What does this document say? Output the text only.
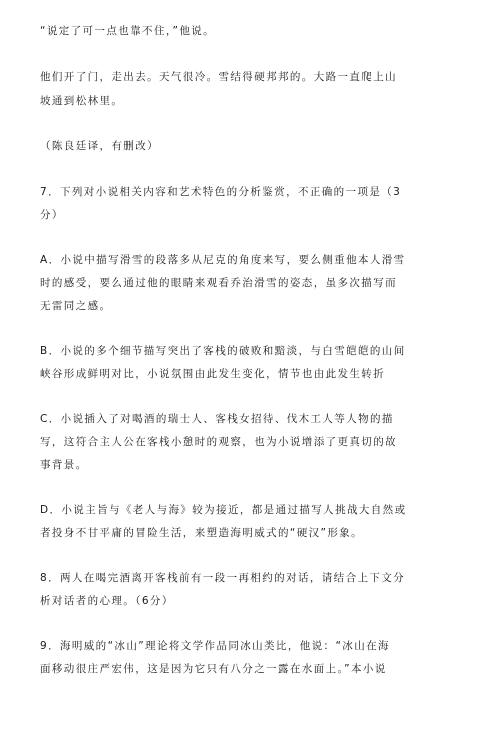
“说定了可一点也靠不住，”他说。
他们开了门，走出去。天气很冷。雪结得硬邦邦的。大路一直爬上山
坡通到松林里。
（陈良廷译，有删改）
7．下列对小说相关内容和艺术特色的分析鉴赏，不正确的一项是（3
分）
A．小说中描写滑雪的段落多从尼克的角度来写，要么侧重他本人滑雪
时的感受，要么通过他的眼睛来观看乔治滑雪的姿态，虽多次描写而
无雷同之感。
B．小说的多个细节描写突出了客栈的破败和黯淡，与白雪皑皑的山间
峡谷形成鲜明对比，小说氛围由此发生变化，情节也由此发生转折
C．小说插入了对喝酒的瑞士人、客栈女招待、伐木工人等人物的描
写，这符合主人公在客栈小憩时的观察，也为小说增添了更真切的故
事背景。
D．小说主旨与《老人与海》较为接近，都是通过描写人挑战大自然或
者投身不甘平庸的冒险生活，来塑造海明威式的“硬汉”形象。
8．两人在喝完酒离开客栈前有一段一再相约的对话，请结合上下文分
析对话者的心理。（6分）
9．海明威的“冰山”理论将文学作品同冰山类比，他说：“冰山在海
面移动很庄严宏伟，这是因为它只有八分之一露在水面上。”本小说
